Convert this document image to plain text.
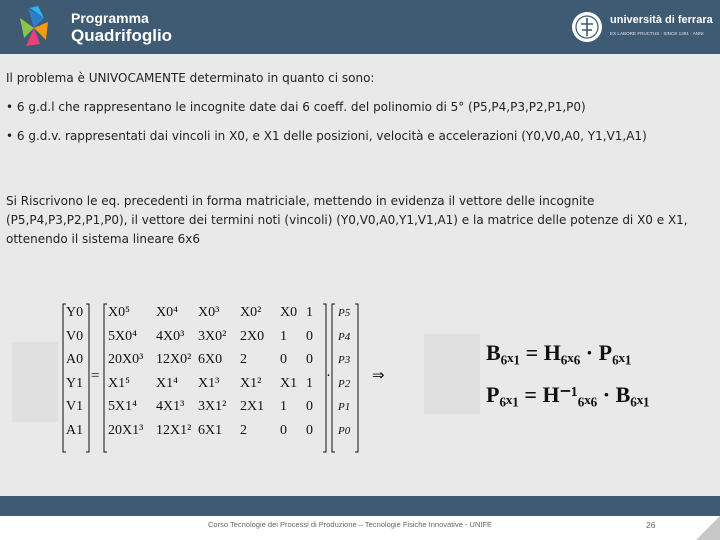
Programma
Quadrifoglio
università di ferrara
EX LABORE FRUCTUS · SINCE 1391 · ANNI
Il problema è UNIVOCAMENTE determinato in quanto ci sono:
• 6 g.d.l che rappresentano le incognite date dai 6 coeff. del polinomio di 5° (P5,P4,P3,P2,P1,P0)
• 6 g.d.v. rappresentati dai vincoli in X0, e X1 delle posizioni, velocità e accelerazioni (Y0,V0,A0, Y1,V1,A1)
Si Riscrivono le eq. precedenti in forma matriciale, mettendo in evidenza il vettore delle incognite (P5,P4,P3,P2,P1,P0), il vettore dei termini noti (vincoli) (Y0,V0,A0,Y1,V1,A1) e la matrice delle potenze di X0 e X1, ottenendo il sistema lineare 6x6
Y0
V0
A0
Y1
V1
A1
X0⁵ X0⁴ X0³ X0² X0 1
5X0⁴ 4X0³ 3X0² 2X0 1 0
20X0³ 12X0² 6X0 2 0 0
X1⁵ X1⁴ X1³ X1² X1 1
5X1⁴ 4X1³ 3X1² 2X1 1 0
20X1³ 12X1² 6X1 2 0 0
P5
P4
P3
P2
P1
P0
=	·	⇒
B₆ₓ₁ = H₆ₓ₆ · P₆ₓ₁
P₆ₓ₁ = H⁻¹₆ₓ₆ · B₆ₓ₁
Corso Tecnologie dei Processi di Produzione – Tecnologie Fisiche Innovative - UNIFE	26
